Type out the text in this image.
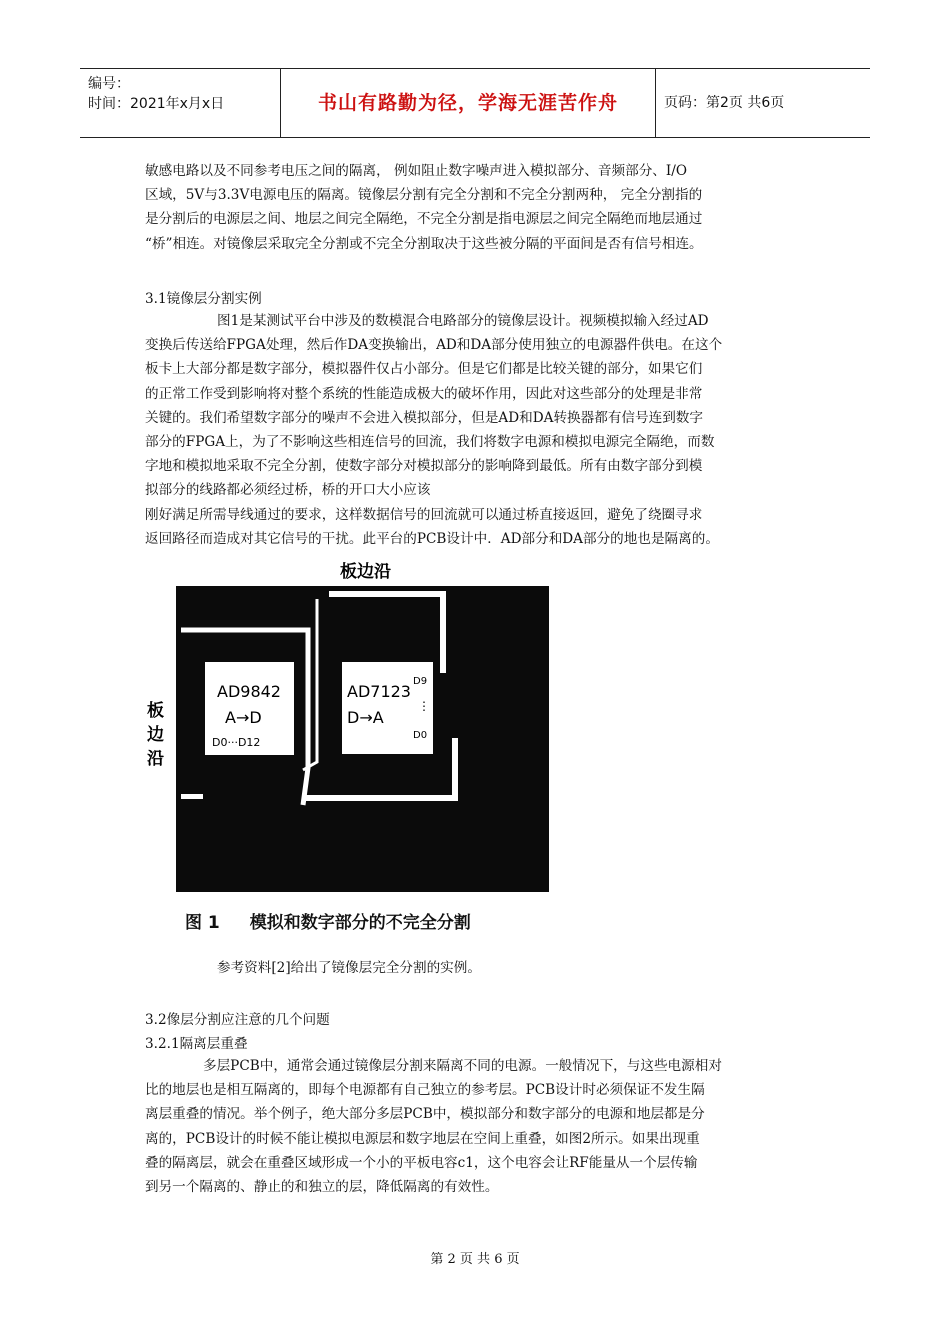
编号：
时间：2021年x月x日	书山有路勤为径，学海无涯苦作舟	页码：第2页 共6页

敏感电路以及不同参考电压之间的隔离， 例如阻止数字噪声进入模拟部分、音频部分、I/O

区域，5V与3.3V电源电压的隔离。镜像层分割有完全分割和不完全分割两种， 完全分割指的

是分割后的电源层之间、地层之间完全隔绝，不完全分割是指电源层之间完全隔绝而地层通过

“桥”相连。对镜像层采取完全分割或不完全分割取决于这些被分隔的平面间是否有信号相连。

3.1镜像层分割实例

图1是某测试平台中涉及的数模混合电路部分的镜像层设计。视频模拟输入经过AD

变换后传送给FPGA处理，然后作DA变换输出，AD和DA部分使用独立的电源器件供电。在这个

板卡上大部分都是数字部分，模拟器件仅占小部分。但是它们都是比较关键的部分，如果它们

的正常工作受到影响将对整个系统的性能造成极大的破坏作用，因此对这些部分的处理是非常

关键的。我们希望数字部分的噪声不会进入模拟部分，但是AD和DA转换器都有信号连到数字

部分的FPGA上，为了不影响这些相连信号的回流，我们将数字电源和模拟电源完全隔绝，而数

字地和模拟地采取不完全分割，使数字部分对模拟部分的影响降到最低。所有由数字部分到模

拟部分的线路都必须经过桥，桥的开口大小应该

刚好满足所需导线通过的要求，这样数据信号的回流就可以通过桥直接返回，避免了绕圈寻求

返回路径而造成对其它信号的干扰。此平台的PCB设计中．AD部分和DA部分的地也是隔离的。

板边沿
AD9842
A→D
D0···D12
AD7123
D→A
D9
⋮
D0
板
边
沿
图 1 模拟和数字部分的不完全分割
参考资料[2]给出了镜像层完全分割的实例。
3.2像层分割应注意的几个问题
3.2.1隔离层重叠

多层PCB中，通常会通过镜像层分割来隔离不同的电源。一般情况下，与这些电源相对

比的地层也是相互隔离的，即每个电源都有自己独立的参考层。PCB设计时必须保证不发生隔

离层重叠的情况。举个例子，绝大部分多层PCB中，模拟部分和数字部分的电源和地层都是分

离的，PCB设计的时候不能让模拟电源层和数字地层在空间上重叠，如图2所示。如果出现重

叠的隔离层，就会在重叠区域形成一个小的平板电容c1，这个电容会让RF能量从一个层传输

到另一个隔离的、静止的和独立的层，降低隔离的有效性。

第 2 页 共 6 页
